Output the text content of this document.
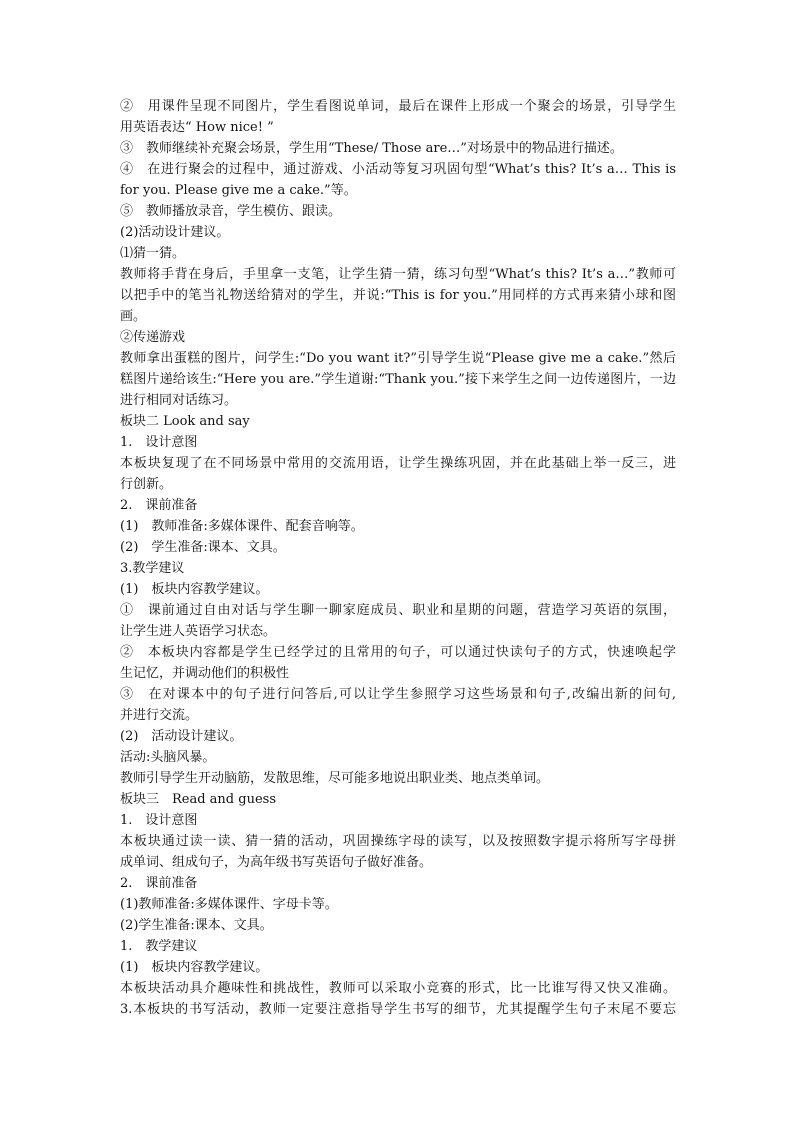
②　用课件呈现不同图片，学生看图说单词，最后在课件上形成一个聚会的场景，引导学生

用英语表达“ How nice! ”

③　教师继续补充聚会场景，学生用“These/ Those are…”对场景中的物品进行描述。

④　在进行聚会的过程中，通过游戏、小活动等复习巩固句型“What’s this? It’s a… This is

for you. Please give me a cake.”等。

⑤　教师播放录音，学生模仿、跟读。

(2)活动设计建议。

⑴猜一猜。

教师将手背在身后，手里拿一支笔，让学生猜一猜，练习句型“What’s this? It’s a…”教师可

以把手中的笔当礼物送给猜对的学生，并说:“This is for you.”用同样的方式再来猜小球和图

画。

②传递游戏

教师拿出蛋糕的图片，问学生:“Do you want it?”引导学生说“Please give me a cake.”然后

糕图片递给该生:“Here you are.”学生道谢:“Thank you.”接下来学生之间一边传递图片，一边

进行相同对话练习。

板块二 Look and say

1.　设计意图

本板块复现了在不同场景中常用的交流用语，让学生操练巩固，并在此基础上举一反三，进

行创新。

2.　课前准备

(1)　教师准备:多媒体课件、配套音响等。

(2)　学生准备:课本、文具。

3.教学建议

(1)　板块内容教学建议。

①　课前通过自由对话与学生聊一聊家庭成员、职业和星期的问题，营造学习英语的氛围，

让学生进人英语学习状态。

②　本板块内容都是学生已经学过的且常用的句子，可以通过快读句子的方式，快速唤起学

生记忆，并调动他们的积极性

③　在对课本中的句子进行问答后,可以让学生参照学习这些场景和句子,改编出新的问句,

并进行交流。

(2)　活动设计建议。

活动:头脑风暴。

教师引导学生开动脑筋，发散思维，尽可能多地说出职业类、地点类单词。

板块三　Read and guess

1.　设计意图

本板块通过读一读、猜一猜的活动，巩固操练字母的读写，以及按照数字提示将所写字母拼

成单词、组成句子，为高年级书写英语句子做好准备。

2.　课前准备

(1)教师准备:多媒体课件、字母卡等。

(2)学生准备:课本、文具。

1.　教学建议

(1)　板块内容教学建议。

本板块活动具介趣味性和挑战性，教师可以采取小竞赛的形式，比一比谁写得又快又准确。

3.本板块的书写活动，教师一定要注意指导学生书写的细节，尤其提醒学生句子末尾不要忘
